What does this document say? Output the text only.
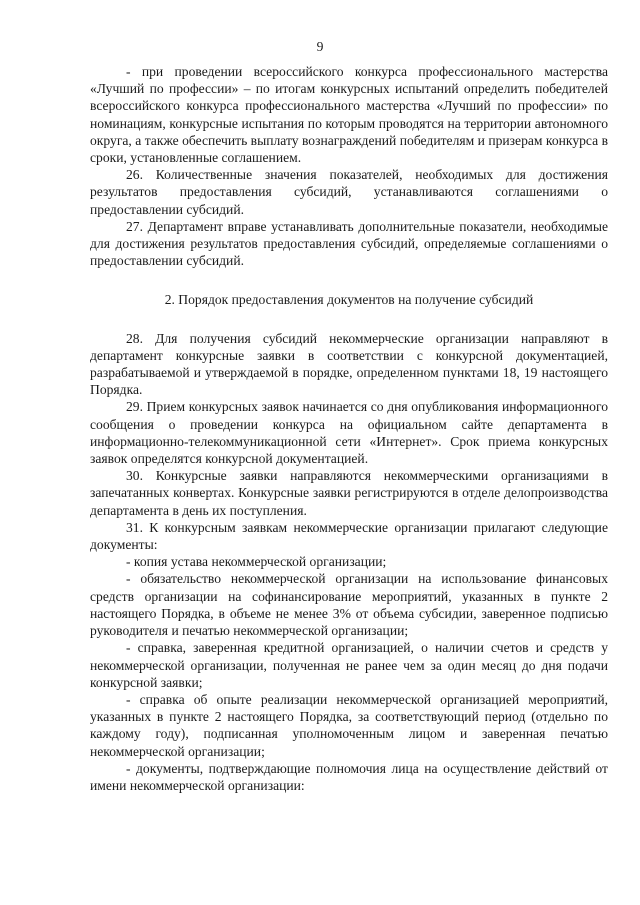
9

- при проведении всероссийского конкурса профессионального мастерства «Лучший по профессии» – по итогам конкурсных испытаний определить победителей всероссийского конкурса профессионального мастерства «Лучший по профессии» по номинациям, конкурсные испытания по которым проводятся на территории автономного округа, а также обеспечить выплату вознаграждений победителям и призерам конкурса в сроки, установленные соглашением.

26. Количественные значения показателей, необходимых для достижения результатов предоставления субсидий, устанавливаются соглашениями о предоставлении субсидий.

27. Департамент вправе устанавливать дополнительные показатели, необходимые для достижения результатов предоставления субсидий, определяемые соглашениями о предоставлении субсидий.

2. Порядок предоставления документов на получение субсидий

28. Для получения субсидий некоммерческие организации направляют в департамент конкурсные заявки в соответствии с конкурсной документацией, разрабатываемой и утверждаемой в порядке, определенном пунктами 18, 19 настоящего Порядка.

29. Прием конкурсных заявок начинается со дня опубликования информационного сообщения о проведении конкурса на официальном сайте департамента в информационно-телекоммуникационной сети «Интернет». Срок приема конкурсных заявок определятся конкурсной документацией.

30. Конкурсные заявки направляются некоммерческими организациями в запечатанных конвертах. Конкурсные заявки регистрируются в отделе делопроизводства департамента в день их поступления.

31. К конкурсным заявкам некоммерческие организации прилагают следующие документы:

- копия устава некоммерческой организации;

- обязательство некоммерческой организации на использование финансовых средств организации на софинансирование мероприятий, указанных в пункте 2 настоящего Порядка, в объеме не менее 3% от объема субсидии, заверенное подписью руководителя и печатью некоммерческой организации;

- справка, заверенная кредитной организацией, о наличии счетов и средств у некоммерческой организации, полученная не ранее чем за один месяц до дня подачи конкурсной заявки;

- справка об опыте реализации некоммерческой организацией мероприятий, указанных в пункте 2 настоящего Порядка, за соответствующий период (отдельно по каждому году), подписанная уполномоченным лицом и заверенная печатью некоммерческой организации;

- документы, подтверждающие полномочия лица на осуществление действий от имени некоммерческой организации:
